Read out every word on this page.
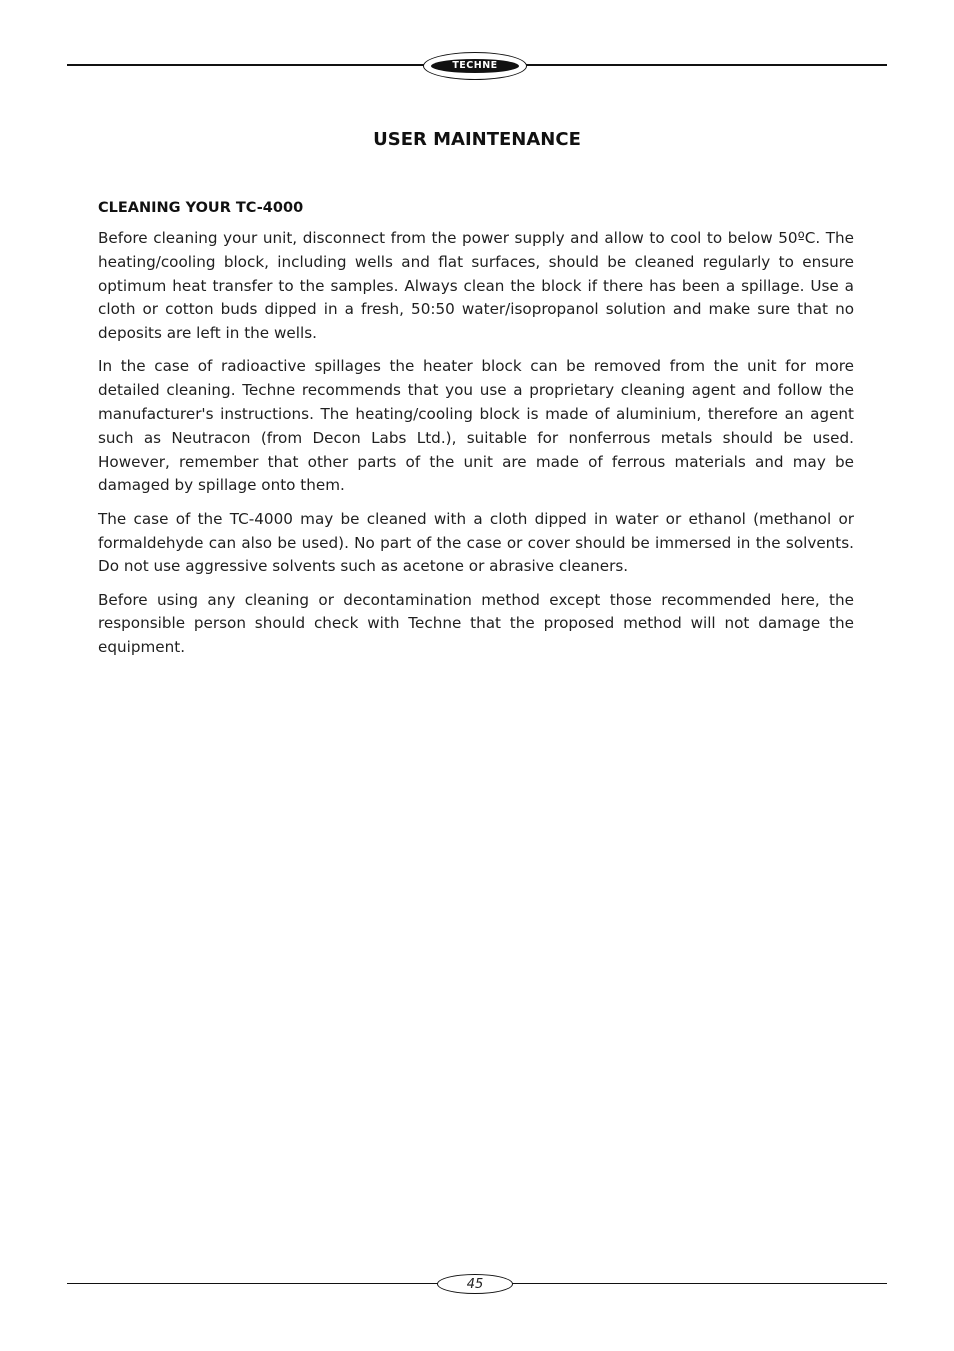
TECHNE
USER MAINTENANCE
CLEANING YOUR TC-4000

Before cleaning your unit, disconnect from the power supply and allow to cool to below 50ºC. The heating/cooling block, including wells and flat surfaces, should be cleaned regularly to ensure optimum heat transfer to the samples. Always clean the block if there has been a spillage. Use a cloth or cotton buds dipped in a fresh, 50:50 water/isopropanol solution and make sure that no deposits are left in the wells.

In the case of radioactive spillages the heater block can be removed from the unit for more detailed cleaning. Techne recommends that you use a proprietary cleaning agent and follow the manufacturer's instructions. The heating/cooling block is made of aluminium, therefore an agent such as Neutracon (from Decon Labs Ltd.), suitable for nonferrous metals should be used. However, remember that other parts of the unit are made of ferrous materials and may be damaged by spillage onto them.

The case of the TC-4000 may be cleaned with a cloth dipped in water or ethanol (methanol or formaldehyde can also be used). No part of the case or cover should be immersed in the solvents. Do not use aggressive solvents such as acetone or abrasive cleaners.

Before using any cleaning or decontamination method except those recommended here, the responsible person should check with Techne that the proposed method will not damage the equipment.

45
